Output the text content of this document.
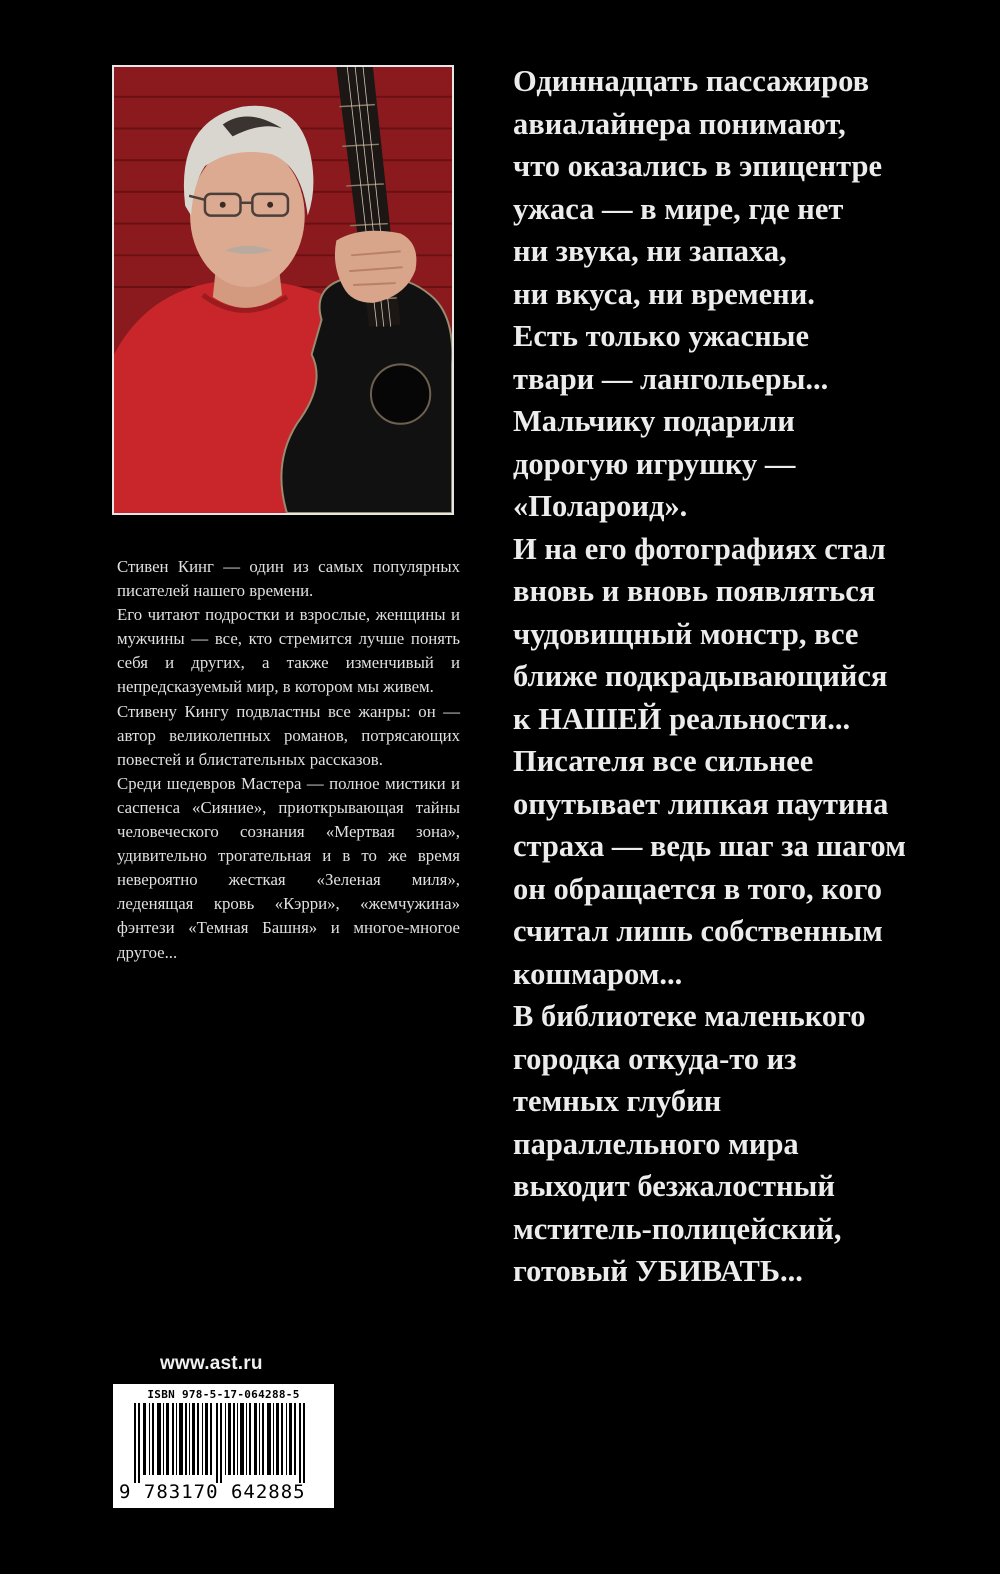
Стивен Кинг — один из самых популярных писателей нашего времени.

Его читают подростки и взрослые, женщины и мужчины — все, кто стремится лучше понять себя и других, а также изменчивый и непредсказуемый мир, в котором мы живем.

Стивену Кингу подвластны все жанры: он — автор великолепных романов, потрясающих повестей и блистательных рассказов.

Среди шедевров Мастера — полное мистики и саспенса «Сияние», приоткрывающая тайны человеческого сознания «Мертвая зона», удивительно трогательная и в то же время невероятно жесткая «Зеленая миля», леденящая кровь «Кэрри», «жемчужина» фэнтези «Темная Башня» и многое-многое другое...

www.ast.ru
ISBN 978-5-17-064288-5
9 783170 642885
Одиннадцать пассажиров
авиалайнера понимают,
что оказались в эпицентре
ужаса — в мире, где нет
ни звука, ни запаха,
ни вкуса, ни времени.
Есть только ужасные
твари — лангольеры...
Мальчику подарили
дорогую игрушку —
«Полароид».
И на его фотографиях стал
вновь и вновь появляться
чудовищный монстр, все
ближе подкрадывающийся
к НАШЕЙ реальности...
Писателя все сильнее
опутывает липкая паутина
страха — ведь шаг за шагом
он обращается в того, кого
считал лишь собственным
кошмаром...
В библиотеке маленького
городка откуда-то из
темных глубин
параллельного мира
выходит безжалостный
мститель-полицейский,
готовый УБИВАТЬ...
